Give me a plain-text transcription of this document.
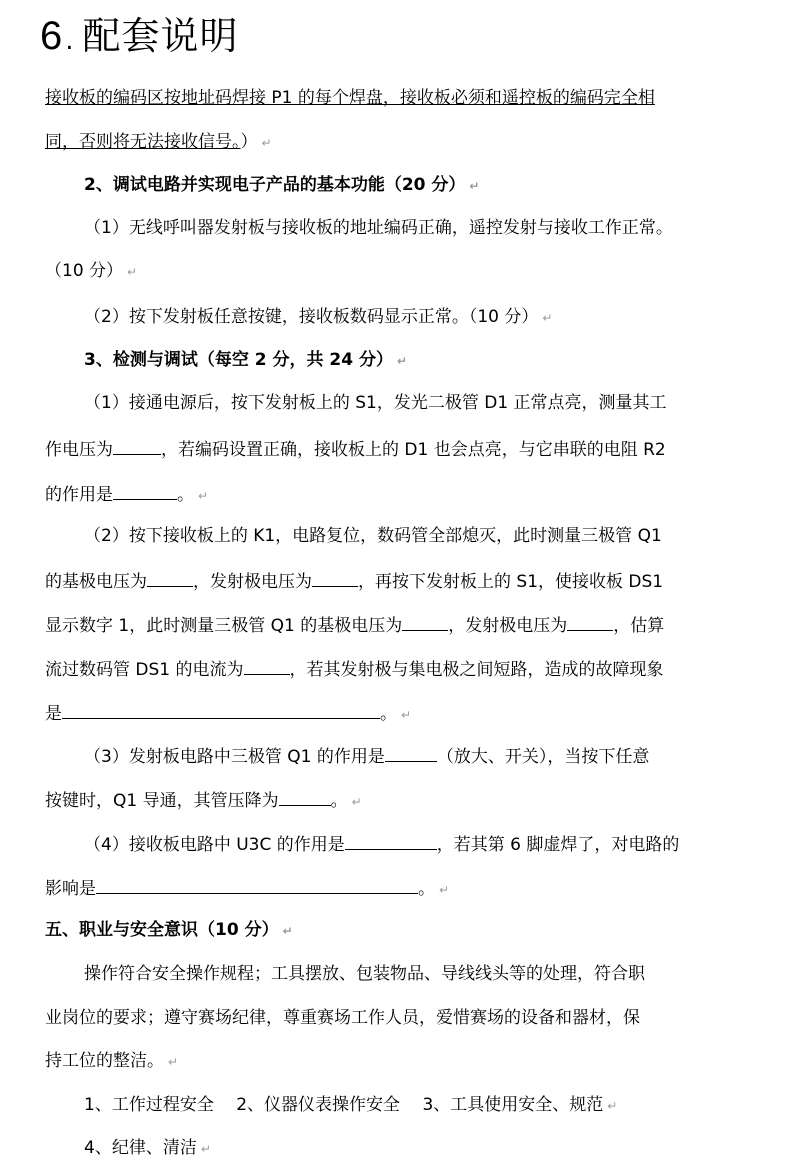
6. 配套说明
接收板的编码区按地址码焊接 P1 的每个焊盘，接收板必须和遥控板的编码完全相
同，否则将无法接收信号。） ↵
2、调试电路并实现电子产品的基本功能（20 分） ↵
（1）无线呼叫器发射板与接收板的地址编码正确，遥控发射与接收工作正常。
（10 分） ↵
（2）按下发射板任意按键，接收板数码显示正常。（10 分） ↵
3、检测与调试（每空 2 分，共 24 分） ↵
（1）接通电源后，按下发射板上的 S1，发光二极管 D1 正常点亮，测量其工
作电压为	，若编码设置正确，接收板上的 D1 也会点亮，与它串联的电阻 R2
的作用是	。 ↵
（2）按下接收板上的 K1，电路复位，数码管全部熄灭，此时测量三极管 Q1
的基极电压为	，发射极电压为	，再按下发射板上的 S1，使接收板 DS1
显示数字 1，此时测量三极管 Q1 的基极电压为	，发射极电压为	，估算
流过数码管 DS1 的电流为	，若其发射极与集电极之间短路，造成的故障现象
是	。 ↵
（3）发射板电路中三极管 Q1 的作用是	（放大、开关），当按下任意
按键时，Q1 导通，其管压降为	。 ↵
（4）接收板电路中 U3C 的作用是	，若其第 6 脚虚焊了，对电路的
影响是	。 ↵
五、职业与安全意识（10 分） ↵
操作符合安全操作规程；工具摆放、包装物品、导线线头等的处理，符合职
业岗位的要求；遵守赛场纪律，尊重赛场工作人员，爱惜赛场的设备和器材，保
持工位的整洁。 ↵
1、工作过程安全　 2、仪器仪表操作安全　 3、工具使用安全、规范 ↵
4、纪律、清洁 ↵
